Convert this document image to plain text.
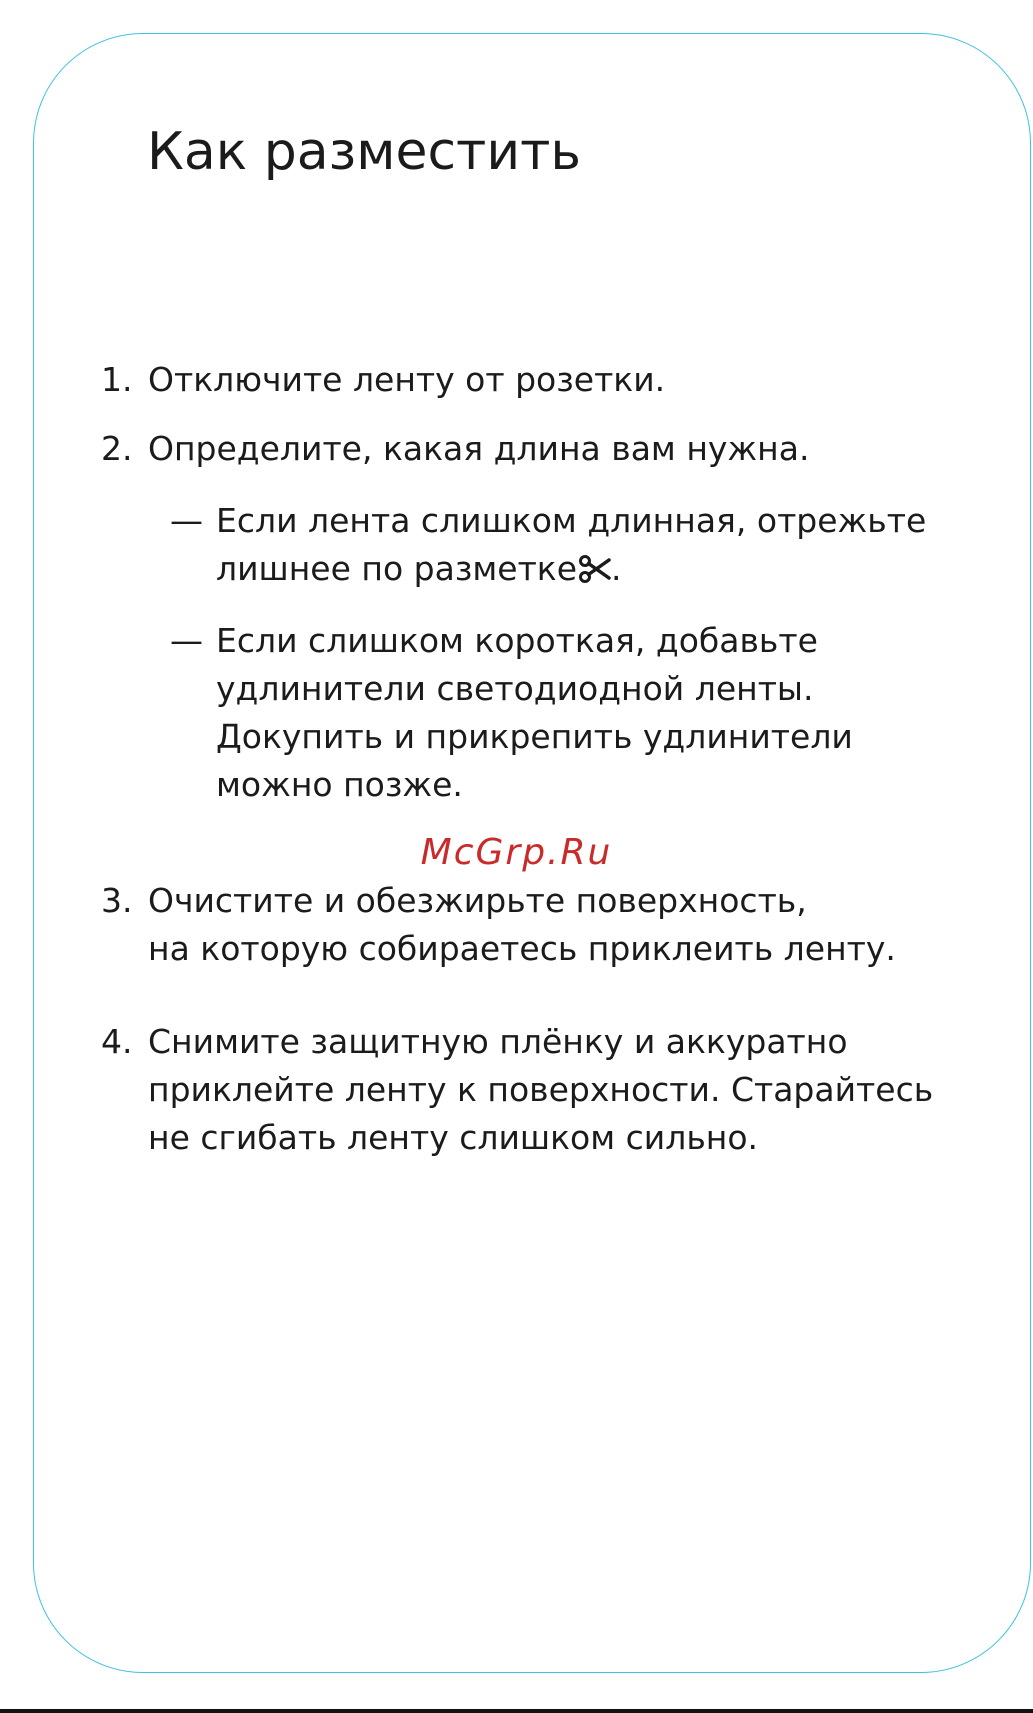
Как разместить
1. Отключите ленту от розетки.
2. Определите, какая длина вам нужна.
— Если лента слишком длинная, отрежьте
лишнее по разметке .
— Если слишком короткая, добавьте
удлинители светодиодной ленты.
Докупить и прикрепить удлинители
можно позже.
McGrp.Ru
3. Очистите и обезжирьте поверхность,
на которую собираетесь приклеить ленту.
4. Снимите защитную плёнку и аккуратно
приклейте ленту к поверхности. Старайтесь
не сгибать ленту слишком сильно.
